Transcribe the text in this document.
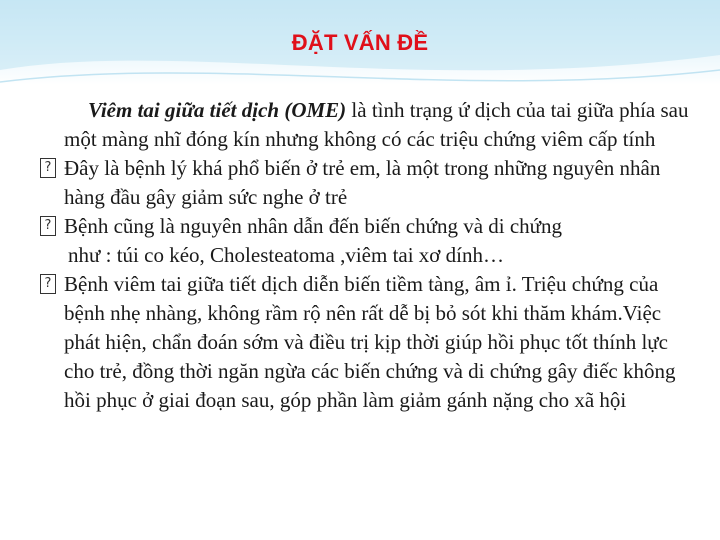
ĐẶT VẤN ĐỀ

Viêm tai giữa tiết dịch (OME) là tình trạng ứ dịch của tai giữa phía sau một màng nhĩ đóng kín nhưng không có các triệu chứng viêm cấp tính

? Đây là bệnh lý khá phổ biến ở trẻ em, là một trong những nguyên nhân hàng đầu gây giảm sức nghe ở trẻ
? Bệnh cũng là nguyên nhân dẫn đến biến chứng và di chứng

như : túi co kéo, Cholesteatoma ,viêm tai xơ dính…

? Bệnh viêm tai giữa tiết dịch diễn biến tiềm tàng, âm ỉ. Triệu chứng của bệnh nhẹ nhàng, không rầm rộ nên rất dễ bị bỏ sót khi thăm khám.Việc phát hiện, chẩn đoán sớm và điều trị kịp thời giúp hồi phục tốt thính lực cho trẻ, đồng thời ngăn ngừa các biến chứng và di chứng gây điếc không hồi phục ở giai đoạn sau, góp phần làm giảm gánh nặng cho xã hội
